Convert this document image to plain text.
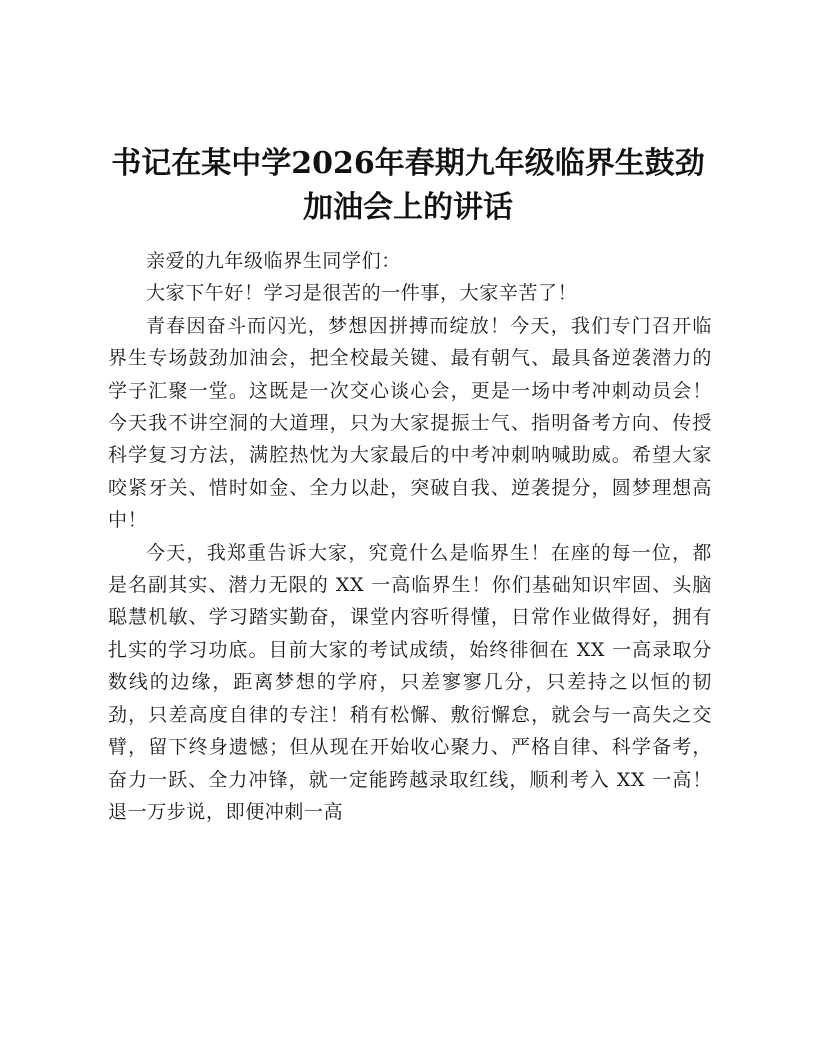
书记在某中学2026年春期九年级临界生鼓劲加油会上的讲话

亲爱的九年级临界生同学们：

大家下午好！学习是很苦的一件事，大家辛苦了！

青春因奋斗而闪光，梦想因拼搏而绽放！今天，我们专门召开临界生专场鼓劲加油会，把全校最关键、最有朝气、最具备逆袭潜力的学子汇聚一堂。这既是一次交心谈心会，更是一场中考冲刺动员会！今天我不讲空洞的大道理，只为大家提振士气、指明备考方向、传授科学复习方法，满腔热忱为大家最后的中考冲刺呐喊助威。希望大家咬紧牙关、惜时如金、全力以赴，突破自我、逆袭提分，圆梦理想高中！

今天，我郑重告诉大家，究竟什么是临界生！在座的每一位，都是名副其实、潜力无限的 XX 一高临界生！你们基础知识牢固、头脑聪慧机敏、学习踏实勤奋，课堂内容听得懂，日常作业做得好，拥有扎实的学习功底。目前大家的考试成绩，始终徘徊在 XX 一高录取分数线的边缘，距离梦想的学府，只差寥寥几分，只差持之以恒的韧劲，只差高度自律的专注！稍有松懈、敷衍懈怠，就会与一高失之交臂，留下终身遗憾；但从现在开始收心聚力、严格自律、科学备考，奋力一跃、全力冲锋，就一定能跨越录取红线，顺利考入 XX 一高！退一万步说，即便冲刺一高
